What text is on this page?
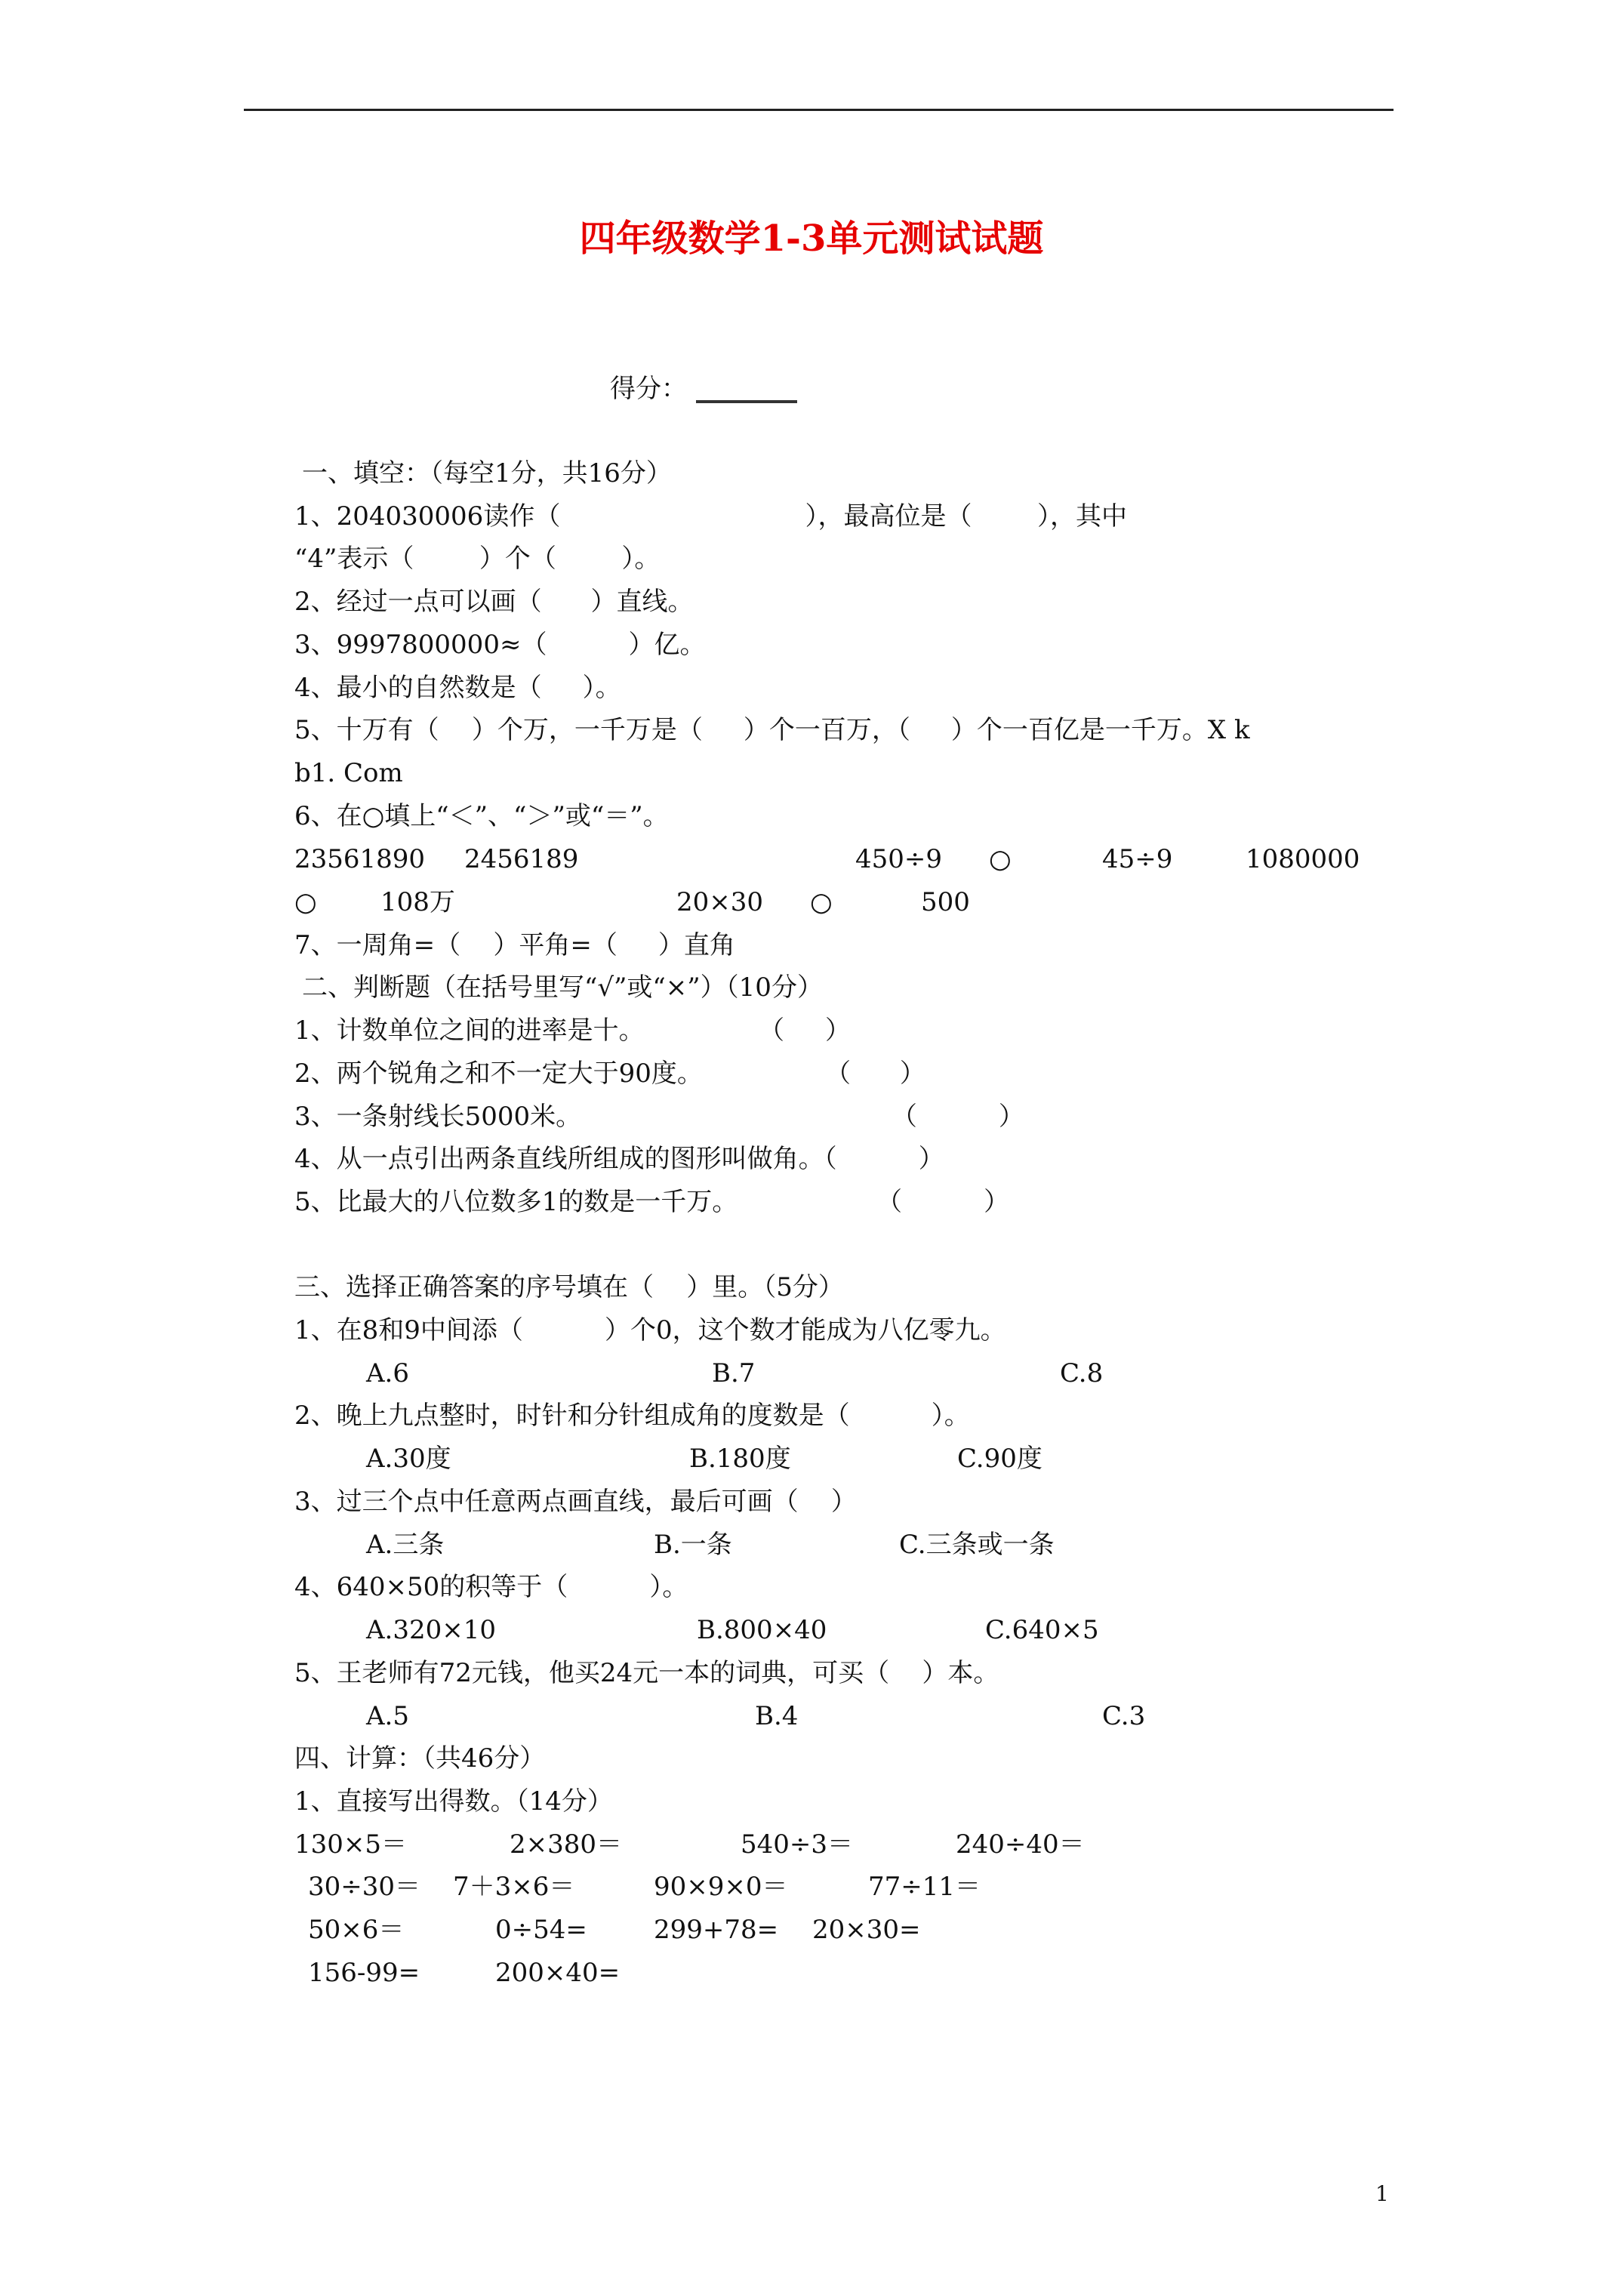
四年级数学1-3单元测试试题
得分：
一、填空：（每空1分，共16分）
1、204030006读作（                              ），最高位是（        ），其中
“4”表示（        ）个（        ）。
2、经过一点可以画（      ）直线。
3、9997800000≈（          ）亿。
4、最小的自然数是（     ）。
5、十万有（    ）个万，一千万是（     ）个一百万，（     ）个一百亿是一千万。X k
b1. Com
6、在○填上“＜”、“＞”或“＝”。
23561890 2456189	450÷9 ○	45÷9	1080000
○ 108万	20×30 ○	500
7、一周角=（    ）平角=（     ）直角
二、判断题（在括号里写“√”或“×”）（10分）
1、计数单位之间的进率是十。              （     ）
2、两个锐角之和不一定大于90度。               （      ）
3、一条射线长5000米。                                      （          ）
4、从一点引出两条直线所组成的图形叫做角。（          ）
5、比最大的八位数多1的数是一千万。                 （          ）
三、选择正确答案的序号填在（    ）里。（5分）
1、在8和9中间添（          ）个0，这个数才能成为八亿零九。
A.6	B.7	C.8
2、晚上九点整时，时针和分针组成角的度数是（          ）。
A.30度	B.180度	C.90度
3、过三个点中任意两点画直线，最后可画（    ）
A.三条	B.一条	C.三条或一条
4、640×50的积等于（          ）。
A.320×10	B.800×40	C.640×5
5、王老师有72元钱，他买24元一本的词典，可买（    ）本。
A.5	B.4	C.3
四、计算：（共46分）
1、直接写出得数。（14分）
130×5＝	2×380＝	540÷3＝	240÷40＝
30÷30＝ 7＋3×6＝	90×9×0＝	77÷11＝
50×6＝	0÷54=	299+78= 20×30=
156-99=	200×40=
1
